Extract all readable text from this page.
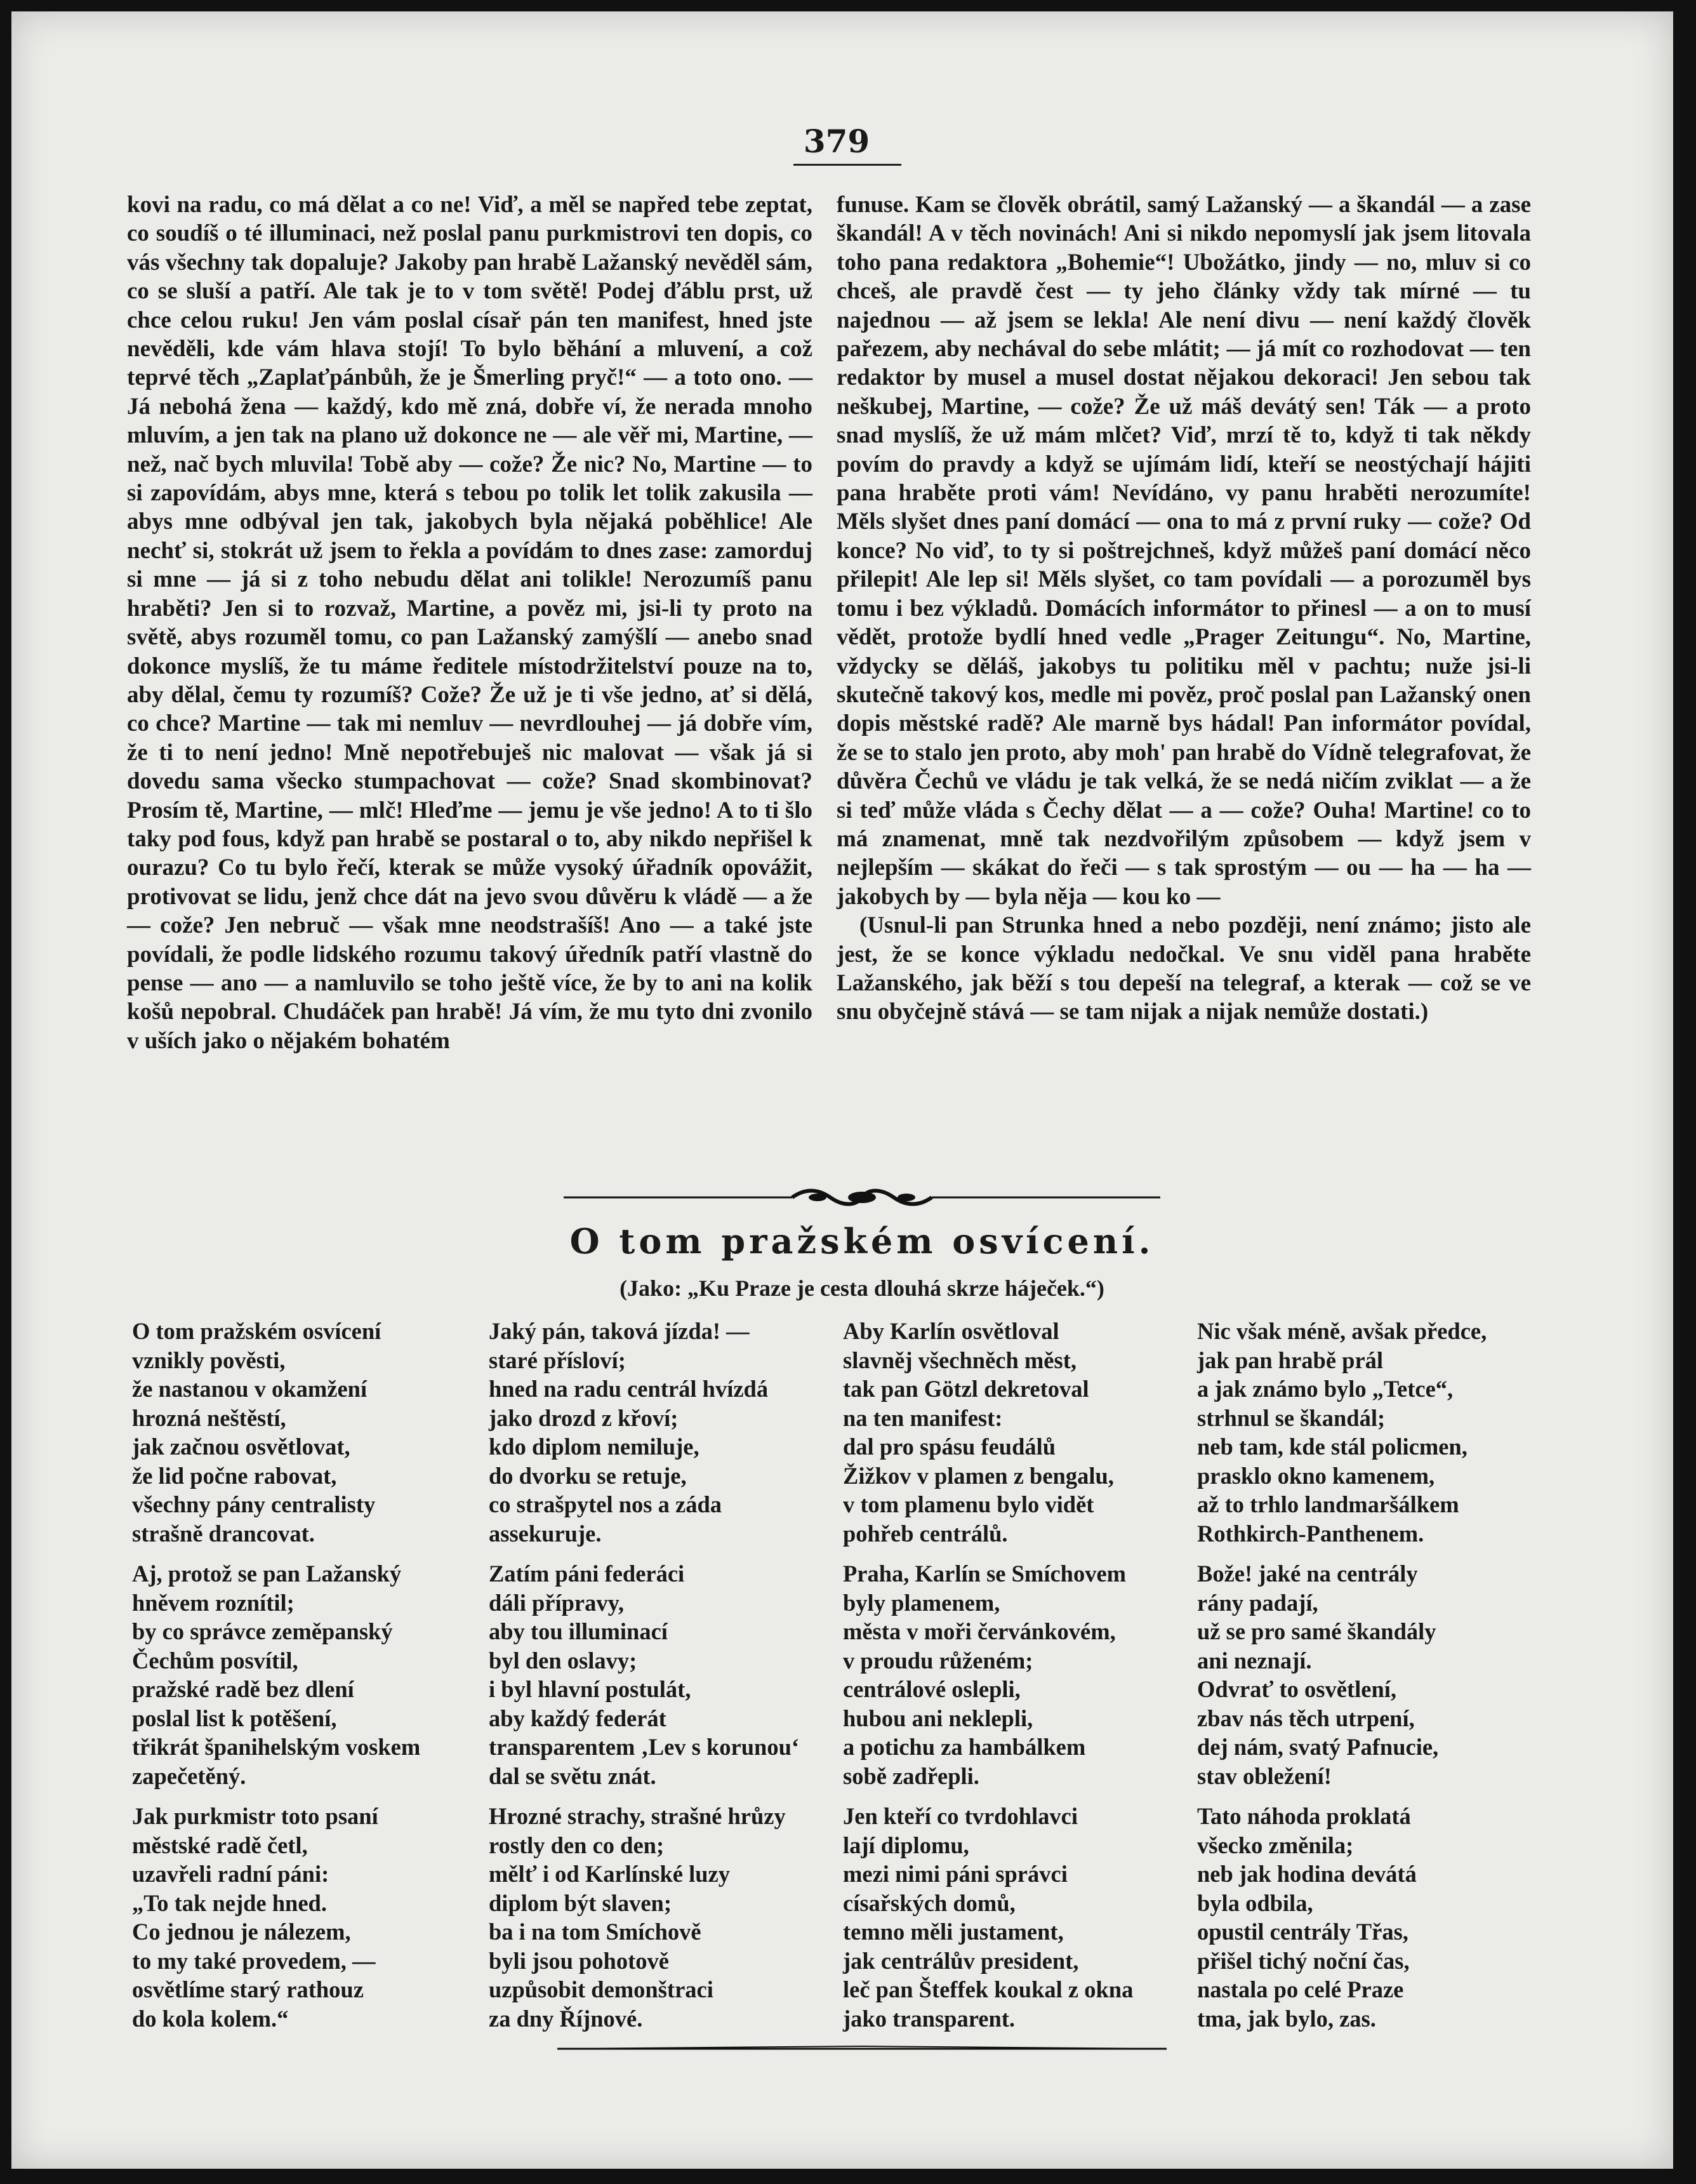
379

kovi na radu, co má dělat a co ne! Viď, a měl se napřed tebe zeptat, co soudíš o té illuminaci, než poslal panu purkmistrovi ten dopis, co vás všechny tak dopaluje? Jakoby pan hrabě Lažanský nevěděl sám, co se sluší a patří. Ale tak je to v tom světě! Podej ďáblu prst, už chce celou ruku! Jen vám poslal císař pán ten manifest, hned jste nevěděli, kde vám hlava stojí! To bylo běhání a mluvení, a což teprvé těch „Zaplaťpánbůh, že je Šmerling pryč!“ — a toto ono. — Já nebohá žena — každý, kdo mě zná, dobře ví, že nerada mnoho mluvím, a jen tak na plano už dokonce ne — ale věř mi, Martine, — než, nač bych mluvila! Tobě aby — cože? Že nic? No, Martine — to si zapovídám, abys mne, která s tebou po tolik let tolik zakusila — abys mne odbýval jen tak, jakobych byla nějaká poběhlice! Ale nechť si, stokrát už jsem to řekla a povídám to dnes zase: zamorduj si mne — já si z toho nebudu dělat ani tolikle! Nerozumíš panu hraběti? Jen si to rozvaž, Martine, a pověz mi, jsi-li ty proto na světě, abys rozuměl tomu, co pan Lažanský zamýšlí — anebo snad dokonce myslíš, že tu máme ředitele místodržitelství pouze na to, aby dělal, čemu ty rozumíš? Cože? Že už je ti vše jedno, ať si dělá, co chce? Martine — tak mi nemluv — nevrdlouhej — já dobře vím, že ti to není jedno! Mně nepotřebuješ nic malovat — však já si dovedu sama všecko stumpachovat — cože? Snad skombinovat? Prosím tě, Martine, — mlč! Hleďme — jemu je vše jedno! A to ti šlo taky pod fous, když pan hrabě se postaral o to, aby nikdo nepřišel k ourazu? Co tu bylo řečí, kterak se může vysoký úřadník opovážit, protivovat se lidu, jenž chce dát na jevo svou důvěru k vládě — a že — cože? Jen nebruč — však mne neodstrašíš! Ano — a také jste povídali, že podle lidského rozumu takový úředník patří vlastně do pense — ano — a namluvilo se toho ještě více, že by to ani na kolik košů nepobral. Chudáček pan hrabě! Já vím, že mu tyto dni zvonilo v uších jako o nějakém bohatém

funuse. Kam se člověk obrátil, samý Lažanský — a škandál — a zase škandál! A v těch novinách! Ani si nikdo nepomyslí jak jsem litovala toho pana redaktora „Bohemie“! Ubožátko, jindy — no, mluv si co chceš, ale pravdě čest — ty jeho články vždy tak mírné — tu najednou — až jsem se lekla! Ale není divu — není každý člověk pařezem, aby nechával do sebe mlátit; — já mít co rozhodovat — ten redaktor by musel a musel dostat nějakou dekoraci! Jen sebou tak neškubej, Martine, — cože? Že už máš devátý sen! Ták — a proto snad myslíš, že už mám mlčet? Viď, mrzí tě to, když ti tak někdy povím do pravdy a když se ujímám lidí, kteří se neostýchají hájiti pana hraběte proti vám! Nevídáno, vy panu hraběti nerozumíte! Měls slyšet dnes paní domácí — ona to má z první ruky — cože? Od konce? No viď, to ty si poštrejchneš, když můžeš paní domácí něco přilepit! Ale lep si! Měls slyšet, co tam povídali — a porozuměl bys tomu i bez výkladů. Domácích informátor to přinesl — a on to musí vědět, protože bydlí hned vedle „Prager Zeitungu“. No, Martine, vždycky se děláš, jakobys tu politiku měl v pachtu; nuže jsi-li skutečně takový kos, medle mi pověz, proč poslal pan Lažanský onen dopis městské radě? Ale marně bys hádal! Pan informátor povídal, že se to stalo jen proto, aby moh' pan hrabě do Vídně telegrafovat, že důvěra Čechů ve vládu je tak velká, že se nedá ničím zviklat — a že si teď může vláda s Čechy dělat — a — cože? Ouha! Martine! co to má znamenat, mně tak nezdvořilým způsobem — když jsem v nejlepším — skákat do řeči — s tak sprostým — ou — ha — ha — jakobych by — byla něja — kou ko —

(Usnul-li pan Strunka hned a nebo později, není známo; jisto ale jest, že se konce výkladu nedočkal. Ve snu viděl pana hraběte Lažanského, jak běží s tou depeší na telegraf, a kterak — což se ve snu obyčejně stává — se tam nijak a nijak nemůže dostati.)

O tom pražském osvícení.
(Jako: „Ku Praze je cesta dlouhá skrze háječek.“)
O tom pražském osvícení
vznikly pověsti,
že nastanou v okamžení
hrozná neštěstí,
jak začnou osvětlovat,
že lid počne rabovat,
všechny pány centralisty
strašně drancovat.
Aj, protož se pan Lažanský
hněvem roznítil;
by co správce zeměpanský
Čechům posvítil,
pražské radě bez dlení
poslal list k potěšení,
třikrát španihelským voskem
zapečetěný.
Jak purkmistr toto psaní
městské radě četl,
uzavřeli radní páni:
„To tak nejde hned.
Co jednou je nálezem,
to my také provedem, —
osvětlíme starý rathouz
do kola kolem.“
Jaký pán, taková jízda! —
staré přísloví;
hned na radu centrál hvízdá
jako drozd z křoví;
kdo diplom nemiluje,
do dvorku se retuje,
co strašpytel nos a záda
assekuruje.
Zatím páni federáci
dáli přípravy,
aby tou illuminací
byl den oslavy;
i byl hlavní postulát,
aby každý federát
transparentem ‚Lev s korunou‘
dal se světu znát.
Hrozné strachy, strašné hrůzy
rostly den co den;
mělť i od Karlínské luzy
diplom být slaven;
ba i na tom Smíchově
byli jsou pohotově
uzpůsobit demonštraci
za dny Říjnové.
Aby Karlín osvětloval
slavněj všechněch měst,
tak pan Götzl dekretoval
na ten manifest:
dal pro spásu feudálů
Žižkov v plamen z bengalu,
v tom plamenu bylo vidět
pohřeb centrálů.
Praha, Karlín se Smíchovem
byly plamenem,
města v moři červánkovém,
v proudu růženém;
centrálové oslepli,
hubou ani neklepli,
a potichu za hambálkem
sobě zadřepli.
Jen kteří co tvrdohlavci
lají diplomu,
mezi nimi páni správci
císařských domů,
temno měli justament,
jak centrálův president,
leč pan Šteffek koukal z okna
jako transparent.
Nic však méně, avšak předce,
jak pan hrabě prál
a jak známo bylo „Tetce“,
strhnul se škandál;
neb tam, kde stál policmen,
prasklo okno kamenem,
až to trhlo landmaršálkem
Rothkirch-Panthenem.
Bože! jaké na centrály
rány padají,
už se pro samé škandály
ani neznají.
Odvrať to osvětlení,
zbav nás těch utrpení,
dej nám, svatý Pafnucie,
stav obležení!
Tato náhoda proklatá
všecko změnila;
neb jak hodina devátá
byla odbila,
opustil centrály Třas,
přišel tichý noční čas,
nastala po celé Praze
tma, jak bylo, zas.
